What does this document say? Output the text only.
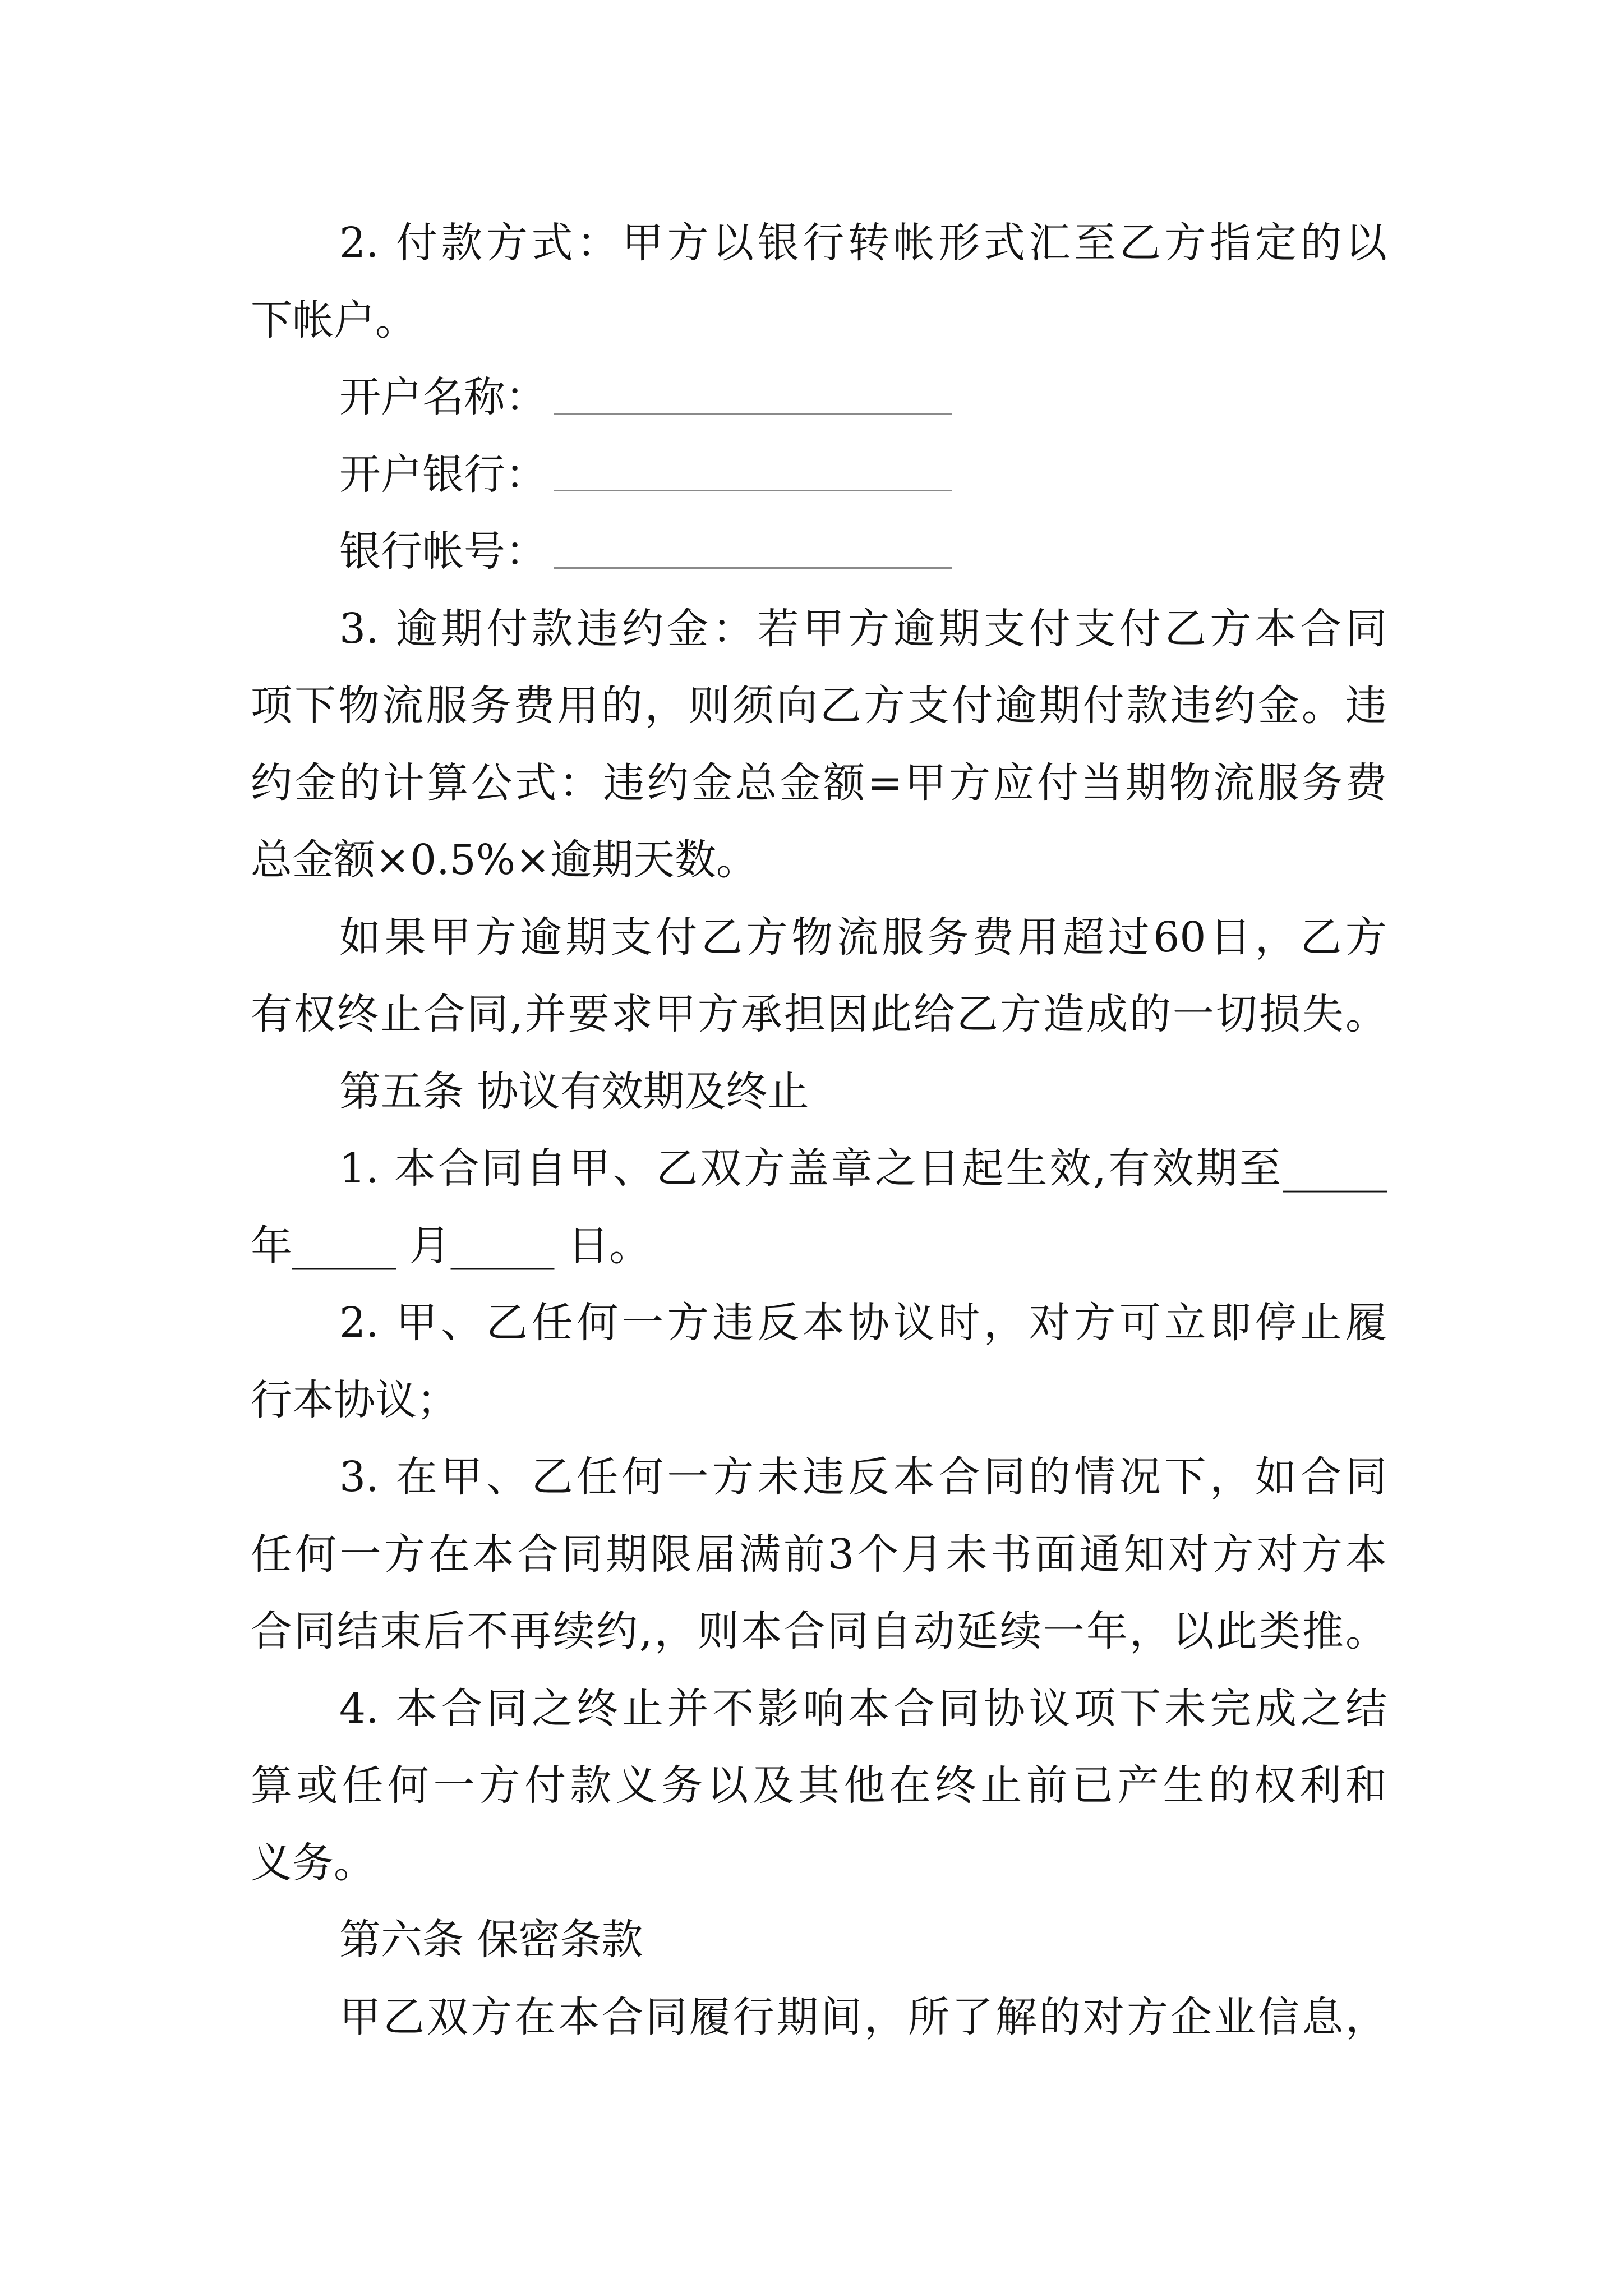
2. 付款方式：甲方以银行转帐形式汇至乙方指定的以
下帐户。
开户名称：
开户银行：
银行帐号：
3. 逾期付款违约金：若甲方逾期支付支付乙方本合同
项下物流服务费用的，则须向乙方支付逾期付款违约金。违
约金的计算公式：违约金总金额=甲方应付当期物流服务费
总金额×0.5%×逾期天数。
如果甲方逾期支付乙方物流服务费用超过60日，乙方
有权终止合同,并要求甲方承担因此给乙方造成的一切损失。
第五条 协议有效期及终止
1. 本合同自甲、乙双方盖章之日起生效,有效期至_____
年_____ 月_____ 日。
2. 甲、乙任何一方违反本协议时，对方可立即停止履
行本协议；
3. 在甲、乙任何一方未违反本合同的情况下，如合同
任何一方在本合同期限届满前3个月未书面通知对方对方本
合同结束后不再续约,，则本合同自动延续一年，以此类推。
4. 本合同之终止并不影响本合同协议项下未完成之结
算或任何一方付款义务以及其他在终止前已产生的权利和
义务。
第六条 保密条款
甲乙双方在本合同履行期间，所了解的对方企业信息，
